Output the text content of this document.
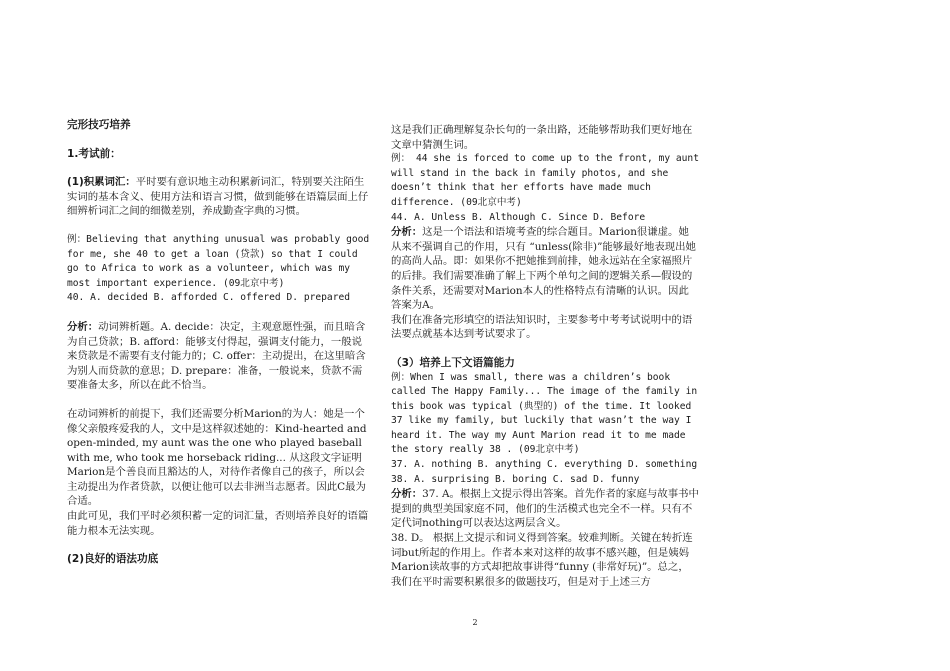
完形技巧培养

1.考试前：

(1)积累词汇：平时要有意识地主动积累新词汇，特别要关注陌生实词的基本含义、使用方法和语言习惯，做到能够在语篇层面上仔细辨析词汇之间的细微差别，养成勤查字典的习惯。

例：Believing that anything unusual was probably good for me, she 40 to get a loan (贷款) so that I could go to Africa to work as a volunteer, which was my most important experience. (09北京中考)

40. A. decided B. afforded C. offered D. prepared

分析：动词辨析题。A. decide：决定，主观意愿性强，而且暗含为自己贷款；B. afford：能够支付得起，强调支付能力，一般说来贷款是不需要有支付能力的；C. offer：主动提出，在这里暗含为别人而贷款的意思；D. prepare：准备，一般说来，贷款不需要准备太多，所以在此不恰当。

在动词辨析的前提下，我们还需要分析Marion的为人：她是一个像父亲般疼爱我的人，文中是这样叙述她的：Kind-hearted and open-minded, my aunt was the one who played baseball with me, who took me horseback riding... 从这段文字证明Marion是个善良而且豁达的人，对待作者像自己的孩子，所以会主动提出为作者贷款，以便让他可以去非洲当志愿者。因此C最为合适。

由此可见，我们平时必须积蓄一定的词汇量，否则培养良好的语篇能力根本无法实现。

(2)良好的语法功底

这是我们正确理解复杂长句的一条出路，还能够帮助我们更好地在文章中猜测生词。

例： 44 she is forced to come up to the front, my aunt will stand in the back in family photos, and she doesn’t think that her efforts have made much difference. (09北京中考)

44. A. Unless B. Although C. Since D. Before

分析：这是一个语法和语境考查的综合题目。Marion很谦虚。她从来不强调自己的作用，只有 “unless(除非)”能够最好地表现出她的高尚人品。即：如果你不把她推到前排，她永远站在全家福照片的后排。我们需要准确了解上下两个单句之间的逻辑关系—假设的条件关系，还需要对Marion本人的性格特点有清晰的认识。因此答案为A。

我们在准备完形填空的语法知识时，主要参考中考考试说明中的语法要点就基本达到考试要求了。

（3）培养上下文语篇能力

例：When I was small, there was a children’s book called The Happy Family... The image of the family in this book was typical (典型的) of the time. It looked 37 like my family, but luckily that wasn’t the way I heard it. The way my Aunt Marion read it to me made the story really 38 . (09北京中考)

37. A. nothing B. anything C. everything D. something

38. A. surprising B. boring C. sad D. funny

分析：37. A。根据上文提示得出答案。首先作者的家庭与故事书中提到的典型美国家庭不同，他们的生活模式也完全不一样。只有不定代词nothing可以表达这两层含义。

38. D。 根据上文提示和词义得到答案。较难判断。关键在转折连词but所起的作用上。作者本来对这样的故事不感兴趣，但是姨妈Marion读故事的方式却把故事讲得“funny (非常好玩)”。总之，我们在平时需要积累很多的做题技巧，但是对于上述三方

2
